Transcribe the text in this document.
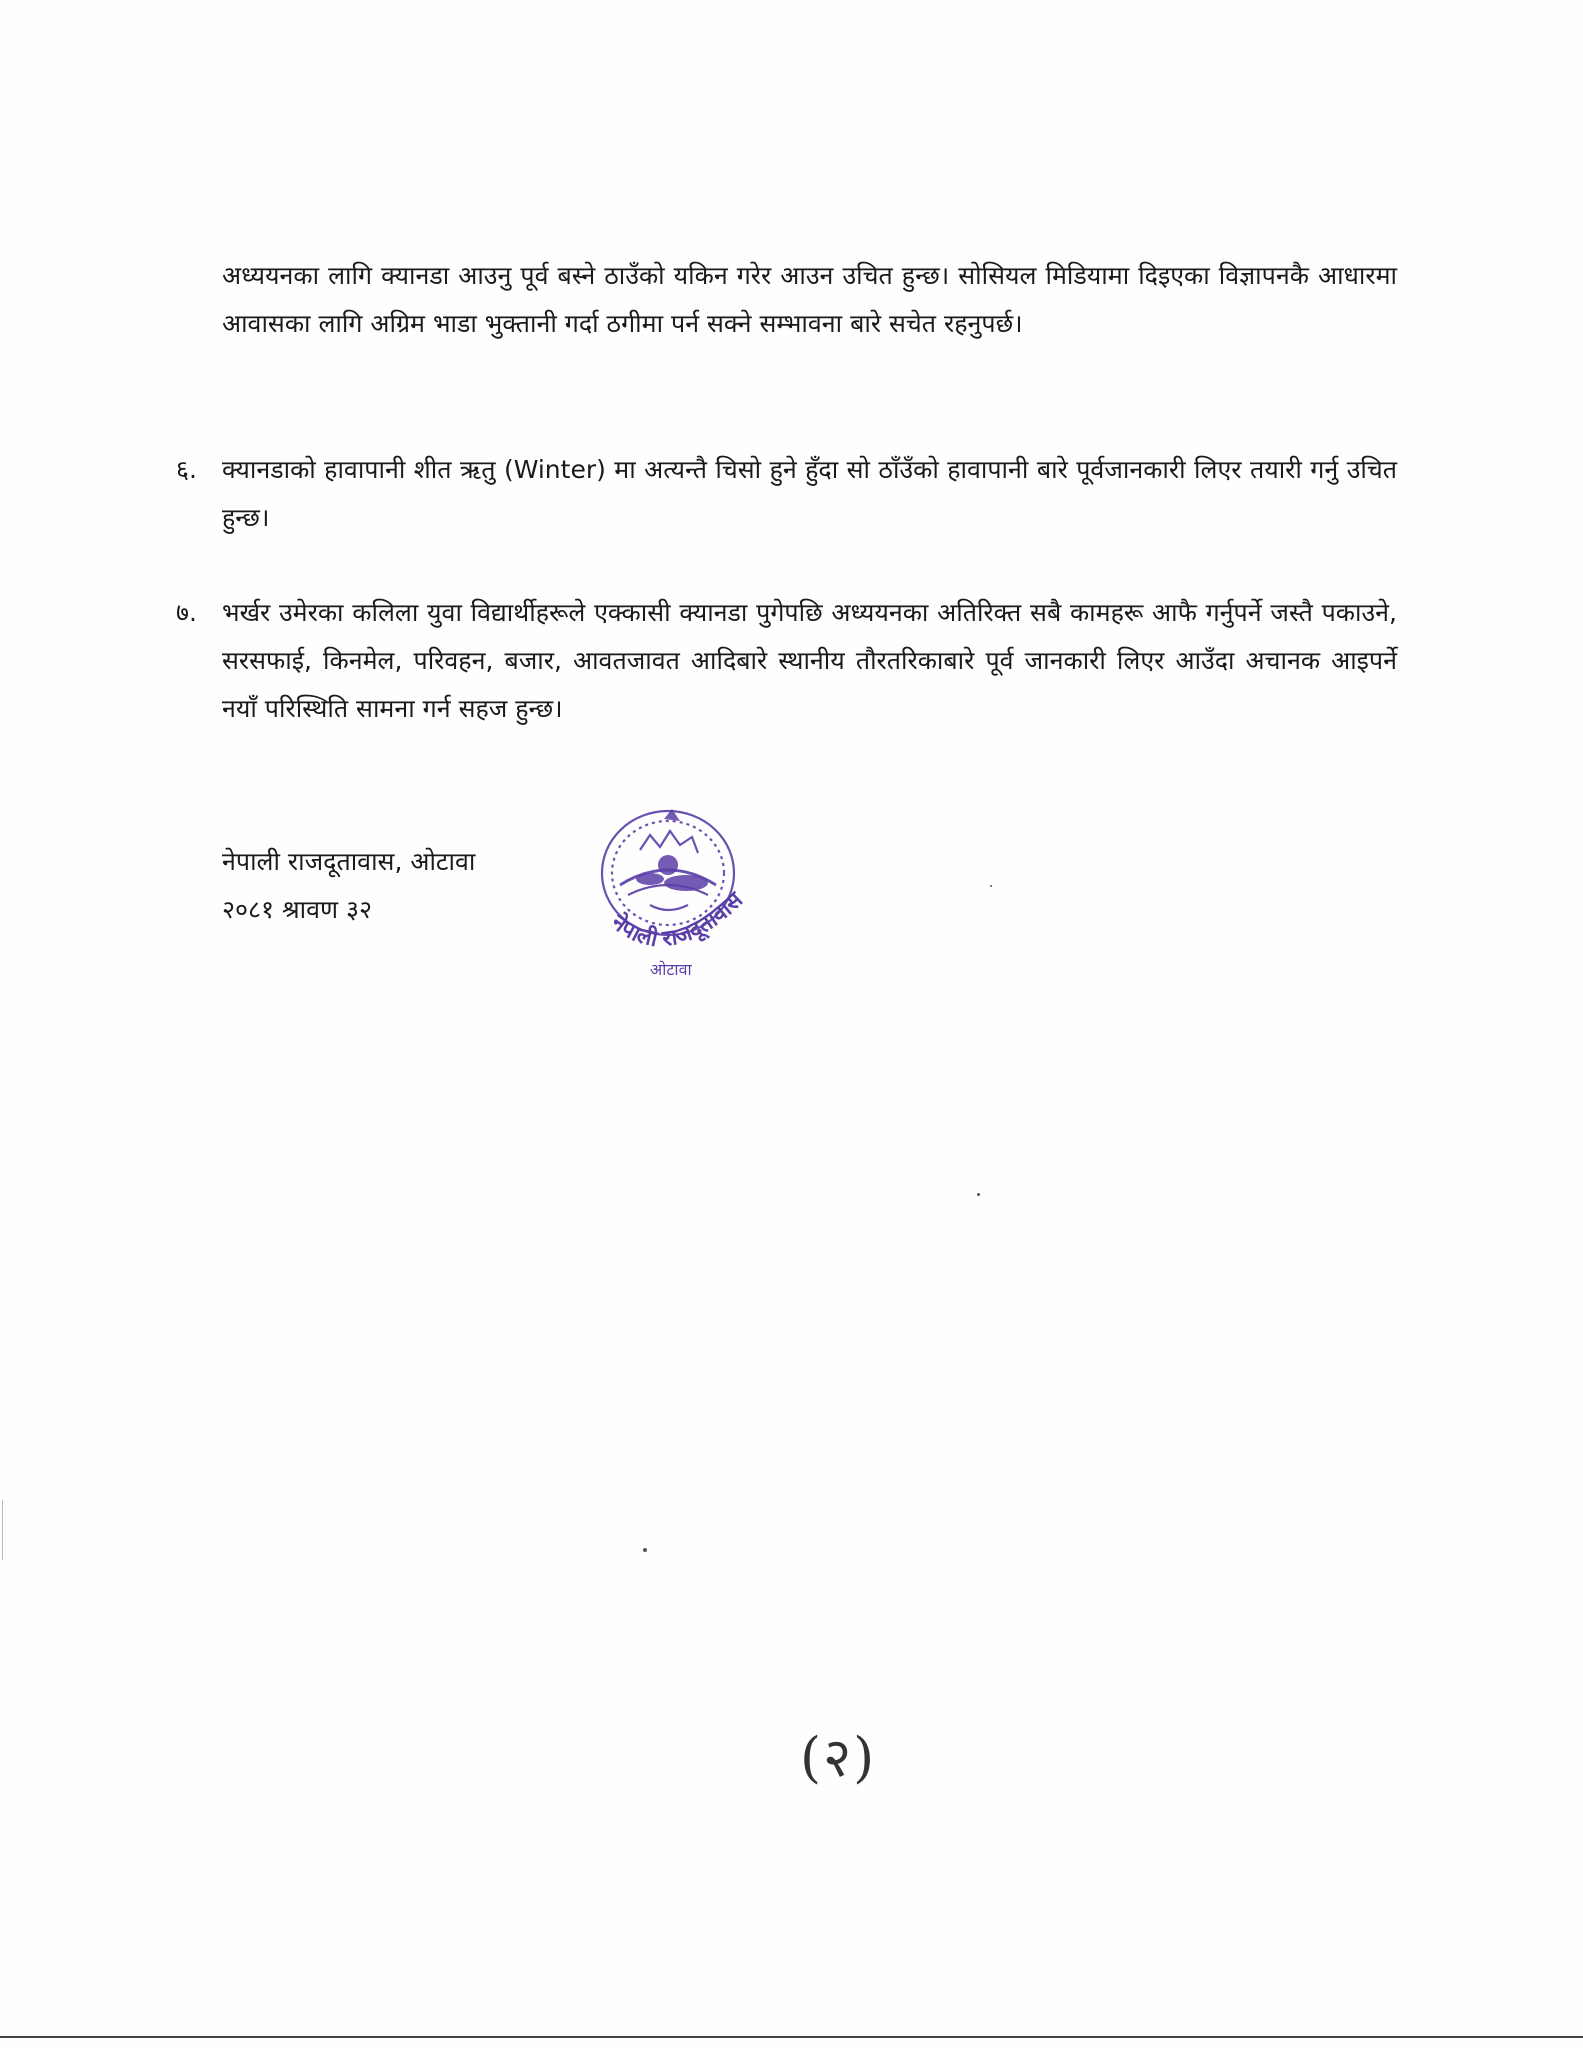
अध्ययनका लागि क्यानडा आउनु पूर्व बस्ने ठाउँको यकिन गरेर आउन उचित हुन्छ। सोसियल मिडियामा दिइएका विज्ञापनकै आधारमा आवासका लागि अग्रिम भाडा भुक्तानी गर्दा ठगीमा पर्न सक्ने सम्भावना बारे सचेत रहनुपर्छ।

६.	क्यानडाको हावापानी शीत ऋतु (Winter) मा अत्यन्तै चिसो हुने हुँदा सो ठाँउँको हावापानी बारे पूर्वजानकारी लिएर तयारी गर्नु उचित हुन्छ।

७.	भर्खर उमेरका कलिला युवा विद्यार्थीहरूले एक्कासी क्यानडा पुगेपछि अध्ययनका अतिरिक्त सबै कामहरू आफै गर्नुपर्ने जस्तै पकाउने, सरसफाई, किनमेल, परिवहन, बजार, आवतजावत आदिबारे स्थानीय तौरतरिकाबारे पूर्व जानकारी लिएर आउँदा अचानक आइपर्ने नयाँ परिस्थिति सामना गर्न सहज हुन्छ।

नेपाली राजदूतावास, ओटावा
२०८१ श्रावण ३२	नेपाली राजदूतावास
ओटावा
(२)
